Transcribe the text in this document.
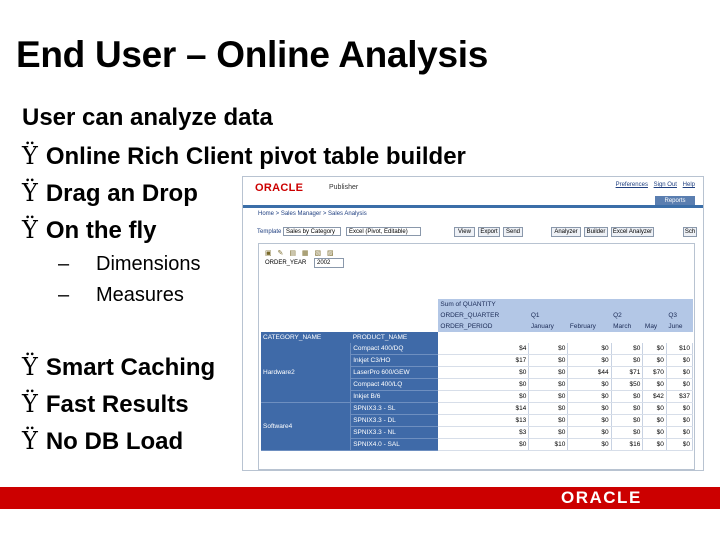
End User – Online Analysis
User can analyze data
Ÿ Online Rich Client pivot table builder
Ÿ Drag an Drop
Ÿ On the fly
– Dimensions
– Measures
Ÿ Smart Caching
Ÿ Fast Results
Ÿ No DB Load
ORACLE	Publisher	Preferences Sign Out Help
Reports
Home > Sales Manager > Sales Analysis
Template Sales by Category	Excel (Pivot, Editable)	View	Export	Send	Analyzer	Builder	Excel Analyzer	Sch
▣ ✎ ▤ ▦ ▧ ▨
ORDER_YEAR	2002
		Sum of QUANTITY					
		ORDER_QUARTER	Q1		Q2		Q3
		ORDER_PERIOD	January	February	March	May	June
CATEGORY_NAME	PRODUCT_NAME						
Hardware2	Compact 400/DQ	$4	$0	$0	$0	$0	$10
	Inkjet C3/HO	$17	$0	$0	$0	$0	$0
	LaserPro 600/GEW	$0	$0	$44	$71	$70	$0
	Compact 400/LQ	$0	$0	$0	$50	$0	$0
	Inkjet B/6	$0	$0	$0	$0	$42	$37
Software4	SPNIX3.3 - SL	$14	$0	$0	$0	$0	$0
	SPNIX3.3 - DL	$13	$0	$0	$0	$0	$0
	SPNIX3.3 - NL	$3	$0	$0	$0	$0	$0
	SPNIX4.0 - SAL	$0	$10	$0	$16	$0	$0
ORACLE
